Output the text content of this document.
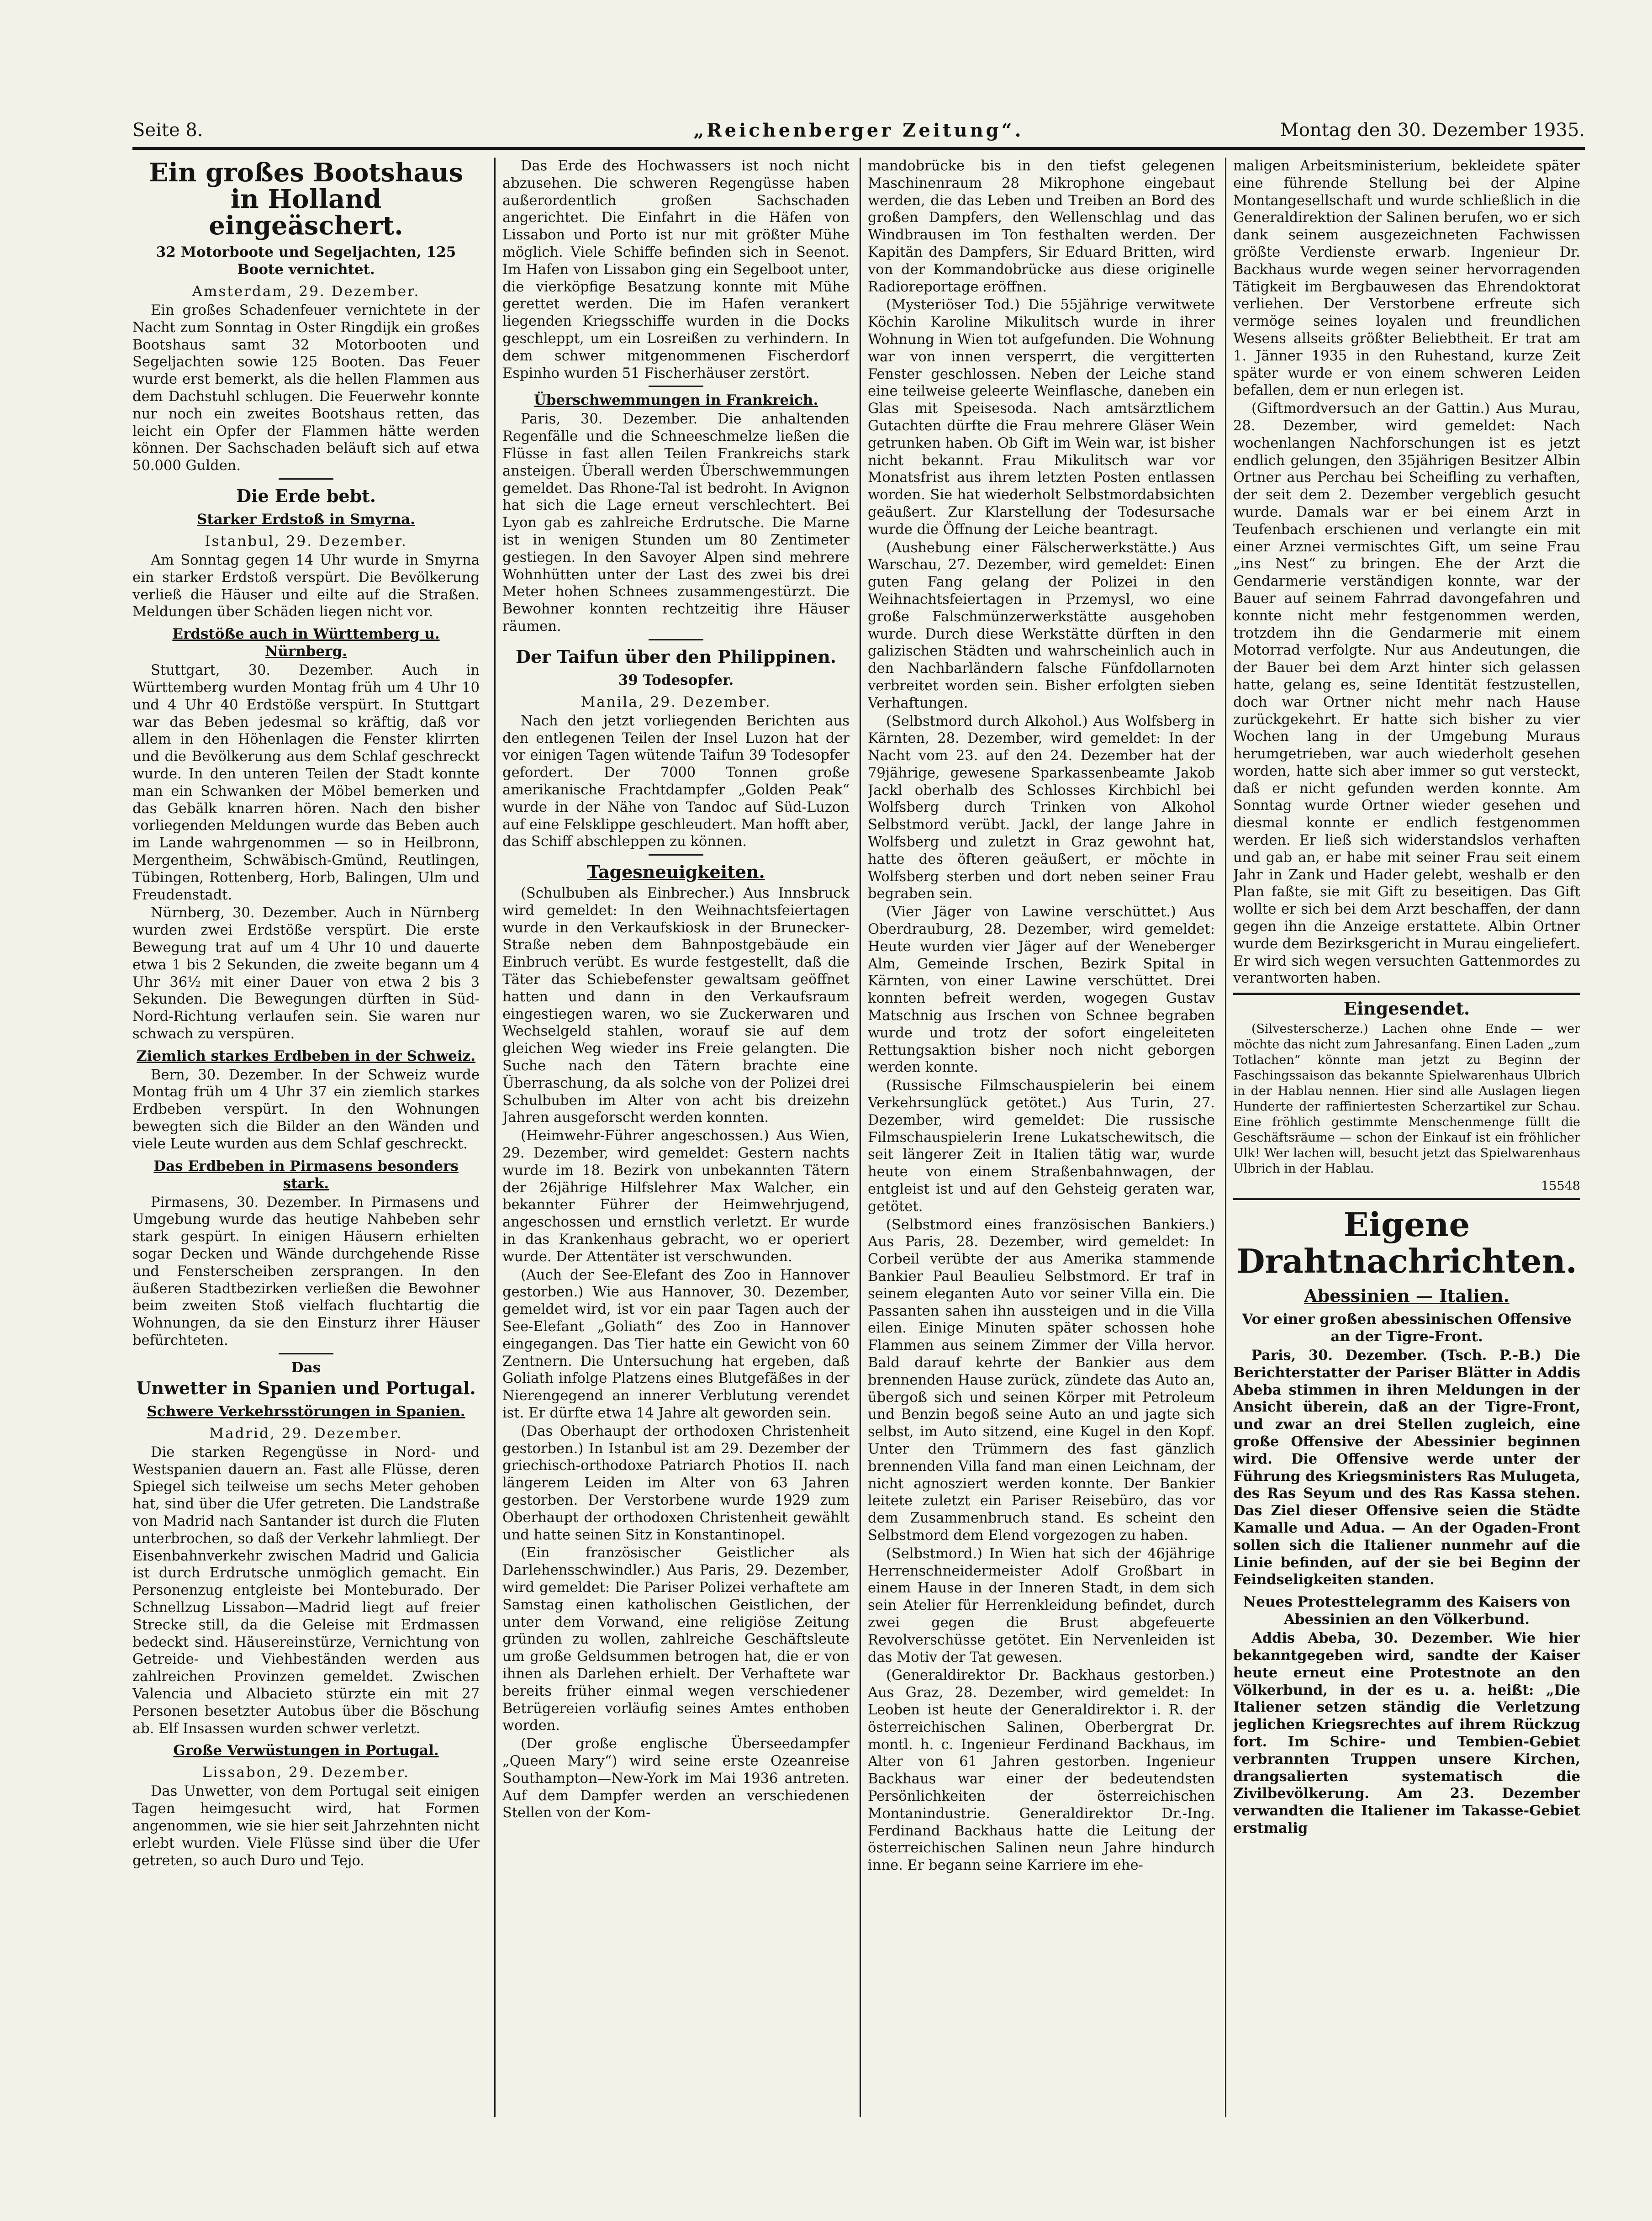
Seite 8.	„Reichenberger Zeitung“.	Montag den 30. Dezember 1935.
Ein großes Bootshaus in Holland eingeäschert.
32 Motorboote und Segeljachten, 125 Boote vernichtet.
Amsterdam, 29. Dezember.

Ein großes Schadenfeuer vernichtete in der Nacht zum Sonntag in Oster Ringdijk ein großes Bootshaus samt 32 Motorbooten und Segeljachten sowie 125 Booten. Das Feuer wurde erst bemerkt, als die hellen Flammen aus dem Dachstuhl schlugen. Die Feuerwehr konnte nur noch ein zweites Bootshaus retten, das leicht ein Opfer der Flammen hätte werden können. Der Sachschaden beläuft sich auf etwa 50.000 Gulden.

Die Erde bebt.
Starker Erdstoß in Smyrna.
Istanbul, 29. Dezember.

Am Sonntag gegen 14 Uhr wurde in Smyrna ein starker Erdstoß verspürt. Die Bevölkerung verließ die Häuser und eilte auf die Straßen. Meldungen über Schäden liegen nicht vor.

Erdstöße auch in Württemberg u. Nürnberg.

Stuttgart, 30. Dezember. Auch in Württemberg wurden Montag früh um 4 Uhr 10 und 4 Uhr 40 Erdstöße verspürt. In Stuttgart war das Beben jedesmal so kräftig, daß vor allem in den Höhenlagen die Fenster klirrten und die Bevölkerung aus dem Schlaf geschreckt wurde. In den unteren Teilen der Stadt konnte man ein Schwanken der Möbel bemerken und das Gebälk knarren hören. Nach den bisher vorliegenden Meldungen wurde das Beben auch im Lande wahrgenommen — so in Heilbronn, Mergentheim, Schwäbisch-Gmünd, Reutlingen, Tübingen, Rottenberg, Horb, Balingen, Ulm und Freudenstadt.

Nürnberg, 30. Dezember. Auch in Nürnberg wurden zwei Erdstöße verspürt. Die erste Bewegung trat auf um 4 Uhr 10 und dauerte etwa 1 bis 2 Sekunden, die zweite begann um 4 Uhr 36½ mit einer Dauer von etwa 2 bis 3 Sekunden. Die Bewegungen dürften in Süd-Nord-Richtung verlaufen sein. Sie waren nur schwach zu verspüren.

Ziemlich starkes Erdbeben in der Schweiz.

Bern, 30. Dezember. In der Schweiz wurde Montag früh um 4 Uhr 37 ein ziemlich starkes Erdbeben verspürt. In den Wohnungen bewegten sich die Bilder an den Wänden und viele Leute wurden aus dem Schlaf geschreckt.

Das Erdbeben in Pirmasens besonders stark.

Pirmasens, 30. Dezember. In Pirmasens und Umgebung wurde das heutige Nahbeben sehr stark gespürt. In einigen Häusern erhielten sogar Decken und Wände durchgehende Risse und Fensterscheiben zersprangen. In den äußeren Stadtbezirken verließen die Bewohner beim zweiten Stoß vielfach fluchtartig die Wohnungen, da sie den Einsturz ihrer Häuser befürchteten.

Das
Unwetter in Spanien und Portugal.
Schwere Verkehrsstörungen in Spanien.
Madrid, 29. Dezember.

Die starken Regengüsse in Nord- und Westspanien dauern an. Fast alle Flüsse, deren Spiegel sich teilweise um sechs Meter gehoben hat, sind über die Ufer getreten. Die Landstraße von Madrid nach Santander ist durch die Fluten unterbrochen, so daß der Verkehr lahmliegt. Der Eisenbahnverkehr zwischen Madrid und Galicia ist durch Erdrutsche unmöglich gemacht. Ein Personenzug entgleiste bei Monteburado. Der Schnellzug Lissabon—Madrid liegt auf freier Strecke still, da die Geleise mit Erdmassen bedeckt sind. Häusereinstürze, Vernichtung von Getreide- und Viehbeständen werden aus zahlreichen Provinzen gemeldet. Zwischen Valencia und Albacieto stürzte ein mit 27 Personen besetzter Autobus über die Böschung ab. Elf Insassen wurden schwer verletzt.

Große Verwüstungen in Portugal.
Lissabon, 29. Dezember.

Das Unwetter, von dem Portugal seit einigen Tagen heimgesucht wird, hat Formen angenommen, wie sie hier seit Jahrzehnten nicht erlebt wurden. Viele Flüsse sind über die Ufer getreten, so auch Duro und Tejo.

Das Erde des Hochwassers ist noch nicht abzusehen. Die schweren Regengüsse haben außerordentlich großen Sachschaden angerichtet. Die Einfahrt in die Häfen von Lissabon und Porto ist nur mit größter Mühe möglich. Viele Schiffe befinden sich in Seenot. Im Hafen von Lissabon ging ein Segelboot unter, die vierköpfige Besatzung konnte mit Mühe gerettet werden. Die im Hafen verankert liegenden Kriegsschiffe wurden in die Docks geschleppt, um ein Losreißen zu verhindern. In dem schwer mitgenommenen Fischerdorf Espinho wurden 51 Fischerhäuser zerstört.

Überschwemmungen in Frankreich.

Paris, 30. Dezember. Die anhaltenden Regenfälle und die Schneeschmelze ließen die Flüsse in fast allen Teilen Frankreichs stark ansteigen. Überall werden Überschwemmungen gemeldet. Das Rhone-Tal ist bedroht. In Avignon hat sich die Lage erneut verschlechtert. Bei Lyon gab es zahlreiche Erdrutsche. Die Marne ist in wenigen Stunden um 80 Zentimeter gestiegen. In den Savoyer Alpen sind mehrere Wohnhütten unter der Last des zwei bis drei Meter hohen Schnees zusammengestürzt. Die Bewohner konnten rechtzeitig ihre Häuser räumen.

Der Taifun über den Philippinen.
39 Todesopfer.
Manila, 29. Dezember.

Nach den jetzt vorliegenden Berichten aus den entlegenen Teilen der Insel Luzon hat der vor einigen Tagen wütende Taifun 39 Todesopfer gefordert. Der 7000 Tonnen große amerikanische Frachtdampfer „Golden Peak“ wurde in der Nähe von Tandoc auf Süd-Luzon auf eine Felsklippe geschleudert. Man hofft aber, das Schiff abschleppen zu können.

Tagesneuigkeiten.

(Schulbuben als Einbrecher.) Aus Innsbruck wird gemeldet: In den Weihnachtsfeiertagen wurde in den Verkaufskiosk in der Brunecker-Straße neben dem Bahnpostgebäude ein Einbruch verübt. Es wurde festgestellt, daß die Täter das Schiebefenster gewaltsam geöffnet hatten und dann in den Verkaufsraum eingestiegen waren, wo sie Zuckerwaren und Wechselgeld stahlen, worauf sie auf dem gleichen Weg wieder ins Freie gelangten. Die Suche nach den Tätern brachte eine Überraschung, da als solche von der Polizei drei Schulbuben im Alter von acht bis dreizehn Jahren ausgeforscht werden konnten.

(Heimwehr-Führer angeschossen.) Aus Wien, 29. Dezember, wird gemeldet: Gestern nachts wurde im 18. Bezirk von unbekannten Tätern der 26jährige Hilfslehrer Max Walcher, ein bekannter Führer der Heimwehrjugend, angeschossen und ernstlich verletzt. Er wurde in das Krankenhaus gebracht, wo er operiert wurde. Der Attentäter ist verschwunden.

(Auch der See-Elefant des Zoo in Hannover gestorben.) Wie aus Hannover, 30. Dezember, gemeldet wird, ist vor ein paar Tagen auch der See-Elefant „Goliath“ des Zoo in Hannover eingegangen. Das Tier hatte ein Gewicht von 60 Zentnern. Die Untersuchung hat ergeben, daß Goliath infolge Platzens eines Blutgefäßes in der Nierengegend an innerer Verblutung verendet ist. Er dürfte etwa 14 Jahre alt geworden sein.

(Das Oberhaupt der orthodoxen Christenheit gestorben.) In Istanbul ist am 29. Dezember der griechisch-orthodoxe Patriarch Photios II. nach längerem Leiden im Alter von 63 Jahren gestorben. Der Verstorbene wurde 1929 zum Oberhaupt der orthodoxen Christenheit gewählt und hatte seinen Sitz in Konstantinopel.

(Ein französischer Geistlicher als Darlehensschwindler.) Aus Paris, 29. Dezember, wird gemeldet: Die Pariser Polizei verhaftete am Samstag einen katholischen Geistlichen, der unter dem Vorwand, eine religiöse Zeitung gründen zu wollen, zahlreiche Geschäftsleute um große Geldsummen betrogen hat, die er von ihnen als Darlehen erhielt. Der Verhaftete war bereits früher einmal wegen verschiedener Betrügereien vorläufig seines Amtes enthoben worden.

(Der große englische Überseedampfer „Queen Mary“) wird seine erste Ozeanreise Southampton—New-York im Mai 1936 antreten. Auf dem Dampfer werden an verschiedenen Stellen von der Kom-

mandobrücke bis in den tiefst gelegenen Maschinenraum 28 Mikrophone eingebaut werden, die das Leben und Treiben an Bord des großen Dampfers, den Wellenschlag und das Windbrausen im Ton festhalten werden. Der Kapitän des Dampfers, Sir Eduard Britten, wird von der Kommandobrücke aus diese originelle Radioreportage eröffnen.

(Mysteriöser Tod.) Die 55jährige verwitwete Köchin Karoline Mikulitsch wurde in ihrer Wohnung in Wien tot aufgefunden. Die Wohnung war von innen versperrt, die vergitterten Fenster geschlossen. Neben der Leiche stand eine teilweise geleerte Weinflasche, daneben ein Glas mit Speisesoda. Nach amtsärztlichem Gutachten dürfte die Frau mehrere Gläser Wein getrunken haben. Ob Gift im Wein war, ist bisher nicht bekannt. Frau Mikulitsch war vor Monatsfrist aus ihrem letzten Posten entlassen worden. Sie hat wiederholt Selbstmordabsichten geäußert. Zur Klarstellung der Todesursache wurde die Öffnung der Leiche beantragt.

(Aushebung einer Fälscherwerkstätte.) Aus Warschau, 27. Dezember, wird gemeldet: Einen guten Fang gelang der Polizei in den Weihnachtsfeiertagen in Przemysl, wo eine große Falschmünzerwerkstätte ausgehoben wurde. Durch diese Werkstätte dürften in den galizischen Städten und wahrscheinlich auch in den Nachbarländern falsche Fünfdollarnoten verbreitet worden sein. Bisher erfolgten sieben Verhaftungen.

(Selbstmord durch Alkohol.) Aus Wolfsberg in Kärnten, 28. Dezember, wird gemeldet: In der Nacht vom 23. auf den 24. Dezember hat der 79jährige, gewesene Sparkassenbeamte Jakob Jackl oberhalb des Schlosses Kirchbichl bei Wolfsberg durch Trinken von Alkohol Selbstmord verübt. Jackl, der lange Jahre in Wolfsberg und zuletzt in Graz gewohnt hat, hatte des öfteren geäußert, er möchte in Wolfsberg sterben und dort neben seiner Frau begraben sein.

(Vier Jäger von Lawine verschüttet.) Aus Oberdrauburg, 28. Dezember, wird gemeldet: Heute wurden vier Jäger auf der Weneberger Alm, Gemeinde Irschen, Bezirk Spital in Kärnten, von einer Lawine verschüttet. Drei konnten befreit werden, wogegen Gustav Matschnig aus Irschen von Schnee begraben wurde und trotz der sofort eingeleiteten Rettungsaktion bisher noch nicht geborgen werden konnte.

(Russische Filmschauspielerin bei einem Verkehrsunglück getötet.) Aus Turin, 27. Dezember, wird gemeldet: Die russische Filmschauspielerin Irene Lukatschewitsch, die seit längerer Zeit in Italien tätig war, wurde heute von einem Straßenbahnwagen, der entgleist ist und auf den Gehsteig geraten war, getötet.

(Selbstmord eines französischen Bankiers.) Aus Paris, 28. Dezember, wird gemeldet: In Corbeil verübte der aus Amerika stammende Bankier Paul Beaulieu Selbstmord. Er traf in seinem eleganten Auto vor seiner Villa ein. Die Passanten sahen ihn aussteigen und in die Villa eilen. Einige Minuten später schossen hohe Flammen aus seinem Zimmer der Villa hervor. Bald darauf kehrte der Bankier aus dem brennenden Hause zurück, zündete das Auto an, übergoß sich und seinen Körper mit Petroleum und Benzin begoß seine Auto an und jagte sich selbst, im Auto sitzend, eine Kugel in den Kopf. Unter den Trümmern des fast gänzlich brennenden Villa fand man einen Leichnam, der nicht agnosziert werden konnte. Der Bankier leitete zuletzt ein Pariser Reisebüro, das vor dem Zusammenbruch stand. Es scheint den Selbstmord dem Elend vorgezogen zu haben.

(Selbstmord.) In Wien hat sich der 46jährige Herrenschneidermeister Adolf Großbart in einem Hause in der Inneren Stadt, in dem sich sein Atelier für Herrenkleidung befindet, durch zwei gegen die Brust abgefeuerte Revolverschüsse getötet. Ein Nervenleiden ist das Motiv der Tat gewesen.

(Generaldirektor Dr. Backhaus gestorben.) Aus Graz, 28. Dezember, wird gemeldet: In Leoben ist heute der Generaldirektor i. R. der österreichischen Salinen, Oberbergrat Dr. montl. h. c. Ingenieur Ferdinand Backhaus, im Alter von 61 Jahren gestorben. Ingenieur Backhaus war einer der bedeutendsten Persönlichkeiten der österreichischen Montanindustrie. Generaldirektor Dr.-Ing. Ferdinand Backhaus hatte die Leitung der österreichischen Salinen neun Jahre hindurch inne. Er begann seine Karriere im ehe-

maligen Arbeitsministerium, bekleidete später eine führende Stellung bei der Alpine Montangesellschaft und wurde schließlich in die Generaldirektion der Salinen berufen, wo er sich dank seinem ausgezeichneten Fachwissen größte Verdienste erwarb. Ingenieur Dr. Backhaus wurde wegen seiner hervorragenden Tätigkeit im Bergbauwesen das Ehrendoktorat verliehen. Der Verstorbene erfreute sich vermöge seines loyalen und freundlichen Wesens allseits größter Beliebtheit. Er trat am 1. Jänner 1935 in den Ruhestand, kurze Zeit später wurde er von einem schweren Leiden befallen, dem er nun erlegen ist.

(Giftmordversuch an der Gattin.) Aus Murau, 28. Dezember, wird gemeldet: Nach wochenlangen Nachforschungen ist es jetzt endlich gelungen, den 35jährigen Besitzer Albin Ortner aus Perchau bei Scheifling zu verhaften, der seit dem 2. Dezember vergeblich gesucht wurde. Damals war er bei einem Arzt in Teufenbach erschienen und verlangte ein mit einer Arznei vermischtes Gift, um seine Frau „ins Nest“ zu bringen. Ehe der Arzt die Gendarmerie verständigen konnte, war der Bauer auf seinem Fahrrad davongefahren und konnte nicht mehr festgenommen werden, trotzdem ihn die Gendarmerie mit einem Motorrad verfolgte. Nur aus Andeutungen, die der Bauer bei dem Arzt hinter sich gelassen hatte, gelang es, seine Identität festzustellen, doch war Ortner nicht mehr nach Hause zurückgekehrt. Er hatte sich bisher zu vier Wochen lang in der Umgebung Muraus herumgetrieben, war auch wiederholt gesehen worden, hatte sich aber immer so gut versteckt, daß er nicht gefunden werden konnte. Am Sonntag wurde Ortner wieder gesehen und diesmal konnte er endlich festgenommen werden. Er ließ sich widerstandslos verhaften und gab an, er habe mit seiner Frau seit einem Jahr in Zank und Hader gelebt, weshalb er den Plan faßte, sie mit Gift zu beseitigen. Das Gift wollte er sich bei dem Arzt beschaffen, der dann gegen ihn die Anzeige erstattete. Albin Ortner wurde dem Bezirksgericht in Murau eingeliefert. Er wird sich wegen versuchten Gattenmordes zu verantworten haben.

Eingesendet.

(Silvesterscherze.) Lachen ohne Ende — wer möchte das nicht zum Jahresanfang. Einen Laden „zum Totlachen“ könnte man jetzt zu Beginn der Faschingssaison das bekannte Spielwarenhaus Ulbrich in der Hablau nennen. Hier sind alle Auslagen liegen Hunderte der raffiniertesten Scherzartikel zur Schau. Eine fröhlich gestimmte Menschenmenge füllt die Geschäftsräume — schon der Einkauf ist ein fröhlicher Ulk! Wer lachen will, besucht jetzt das Spielwarenhaus Ulbrich in der Hablau.

15548
Eigene Drahtnachrichten.
Abessinien — Italien.
Vor einer großen abessinischen Offensive an der Tigre-Front.

Paris, 30. Dezember. (Tsch. P.-B.) Die Berichterstatter der Pariser Blätter in Addis Abeba stimmen in ihren Meldungen in der Ansicht überein, daß an der Tigre-Front, und zwar an drei Stellen zugleich, eine große Offensive der Abessinier beginnen wird. Die Offensive werde unter der Führung des Kriegsministers Ras Mulugeta, des Ras Seyum und des Ras Kassa stehen. Das Ziel dieser Offensive seien die Städte Kamalle und Adua. — An der Ogaden-Front sollen sich die Italiener nunmehr auf die Linie befinden, auf der sie bei Beginn der Feindseligkeiten standen.

Neues Protesttelegramm des Kaisers von Abessinien an den Völkerbund.

Addis Abeba, 30. Dezember. Wie hier bekanntgegeben wird, sandte der Kaiser heute erneut eine Protestnote an den Völkerbund, in der es u. a. heißt: „Die Italiener setzen ständig die Verletzung jeglichen Kriegsrechtes auf ihrem Rückzug fort. Im Schire- und Tembien-Gebiet verbrannten Truppen unsere Kirchen, drangsalierten systematisch die Zivilbevölkerung. Am 23. Dezember verwandten die Italiener im Takasse-Gebiet erstmalig
